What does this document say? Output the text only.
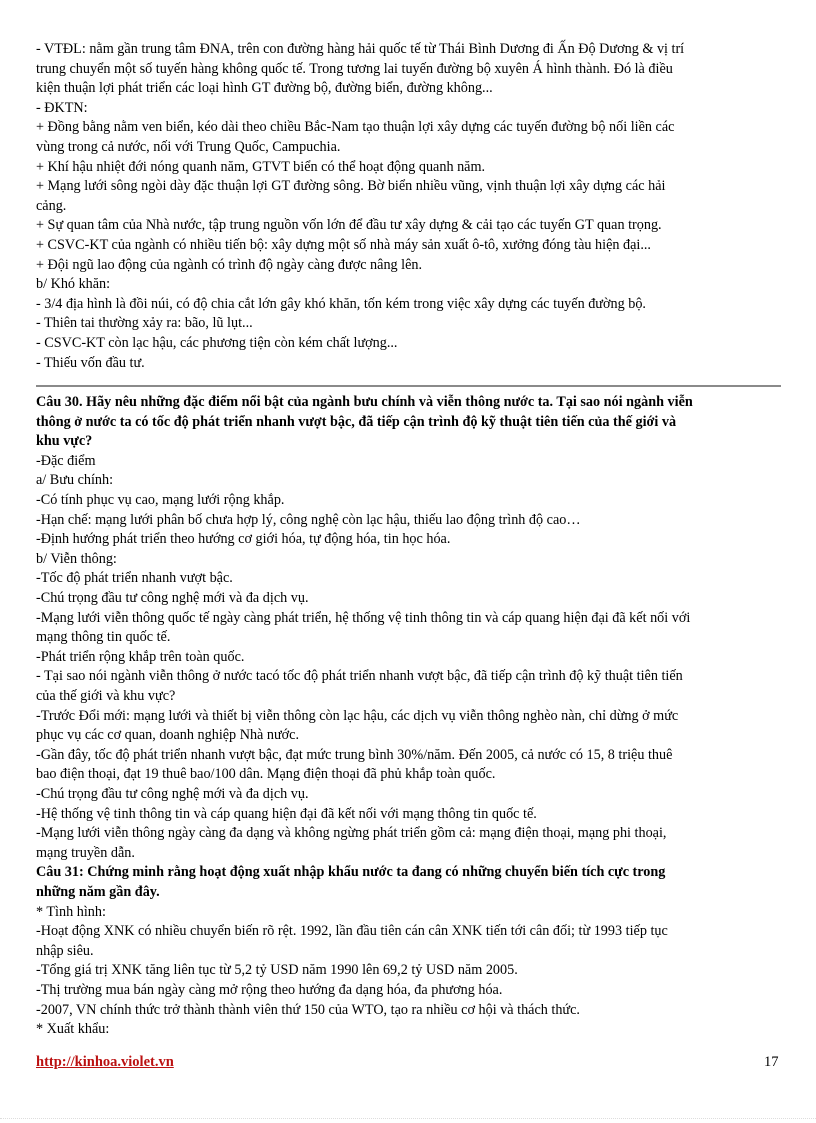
- VTĐL: nằm gần trung tâm ĐNA, trên con đường hàng hải quốc tế từ Thái Bình Dương đi Ấn Độ Dương & vị trí
trung chuyển một số tuyến hàng không quốc tế. Trong tương lai tuyến đường bộ xuyên Á hình thành. Đó là điều
kiện thuận lợi phát triển các loại hình GT đường bộ, đường biển, đường không...
- ĐKTN:
+ Đồng bằng nằm ven biển, kéo dài theo chiều Bắc-Nam tạo thuận lợi xây dựng các tuyến đường bộ nối liền các
vùng trong cả nước, nối với Trung Quốc, Campuchia.
+ Khí hậu nhiệt đới nóng quanh năm, GTVT biển có thể hoạt động quanh năm.
+ Mạng lưới sông ngòi dày đặc thuận lợi GT đường sông. Bờ biển nhiều vũng, vịnh thuận lợi xây dựng các hải
cảng.
+ Sự quan tâm của Nhà nước, tập trung nguồn vốn lớn để đầu tư xây dựng & cải tạo các tuyến GT quan trọng.
+ CSVC-KT của ngành có nhiều tiến bộ: xây dựng một số nhà máy sản xuất ô-tô, xưởng đóng tàu hiện đại...
+ Đội ngũ lao động của ngành có trình độ ngày càng được nâng lên.
b/ Khó khăn:
- 3/4 địa hình là đồi núi, có độ chia cắt lớn gây khó khăn, tốn kém trong việc xây dựng các tuyến đường bộ.
- Thiên tai thường xảy ra: bão, lũ lụt...
- CSVC-KT còn lạc hậu, các phương tiện còn kém chất lượng...
- Thiếu vốn đầu tư.
Câu 30. Hãy nêu những đặc điểm nổi bật của ngành bưu chính và viễn thông nước ta. Tại sao nói ngành viễn
thông ở nước ta có tốc độ phát triển nhanh vượt bậc, đã tiếp cận trình độ kỹ thuật tiên tiến của thế giới và
khu vực?
-Đặc điểm
a/ Bưu chính:
-Có tính phục vụ cao, mạng lưới rộng khắp.
-Hạn chế: mạng lưới phân bố chưa hợp lý, công nghệ còn lạc hậu, thiếu lao động trình độ cao…
-Định hướng phát triển theo hướng cơ giới hóa, tự động hóa, tin học hóa.
b/ Viễn thông:
-Tốc độ phát triển nhanh vượt bậc.
-Chú trọng đầu tư công nghệ mới và đa dịch vụ.
-Mạng lưới viễn thông quốc tế ngày càng phát triển, hệ thống vệ tinh thông tin và cáp quang hiện đại đã kết nối với
mạng thông tin quốc tế.
-Phát triển rộng khắp trên toàn quốc.
- Tại sao nói ngành viễn thông ở nước tacó tốc độ phát triển nhanh vượt bậc, đã tiếp cận trình độ kỹ thuật tiên tiến
của thế giới và khu vực?
-Trước Đổi mới: mạng lưới và thiết bị viễn thông còn lạc hậu, các dịch vụ viễn thông nghèo nàn, chỉ dừng ở mức
phục vụ các cơ quan, doanh nghiệp Nhà nước.
-Gần đây, tốc độ phát triển nhanh vượt bậc, đạt mức trung bình 30%/năm. Đến 2005, cả nước có 15, 8 triệu thuê
bao điện thoại, đạt 19 thuê bao/100 dân. Mạng điện thoại đã phủ khắp toàn quốc.
-Chú trọng đầu tư công nghệ mới và đa dịch vụ.
-Hệ thống vệ tinh thông tin và cáp quang hiện đại đã kết nối với mạng thông tin quốc tế.
-Mạng lưới viễn thông ngày càng đa dạng và không ngừng phát triển gồm cả: mạng điện thoại, mạng phi thoại,
mạng truyền dẫn.
Câu 31: Chứng minh rằng hoạt động xuất nhập khẩu nước ta đang có những chuyển biến tích cực trong
những năm gần đây.
* Tình hình:
-Hoạt động XNK có nhiều chuyển biến rõ rệt. 1992, lần đầu tiên cán cân XNK tiến tới cân đối; từ 1993 tiếp tục
nhập siêu.
-Tổng giá trị XNK tăng liên tục từ 5,2 tỷ USD năm 1990 lên 69,2 tỷ USD năm 2005.
-Thị trường mua bán ngày càng mở rộng theo hướng đa dạng hóa, đa phương hóa.
-2007, VN chính thức trở thành thành viên thứ 150 của WTO, tạo ra nhiều cơ hội và thách thức.
* Xuất khẩu:
http://kinhoa.violet.vn	17
